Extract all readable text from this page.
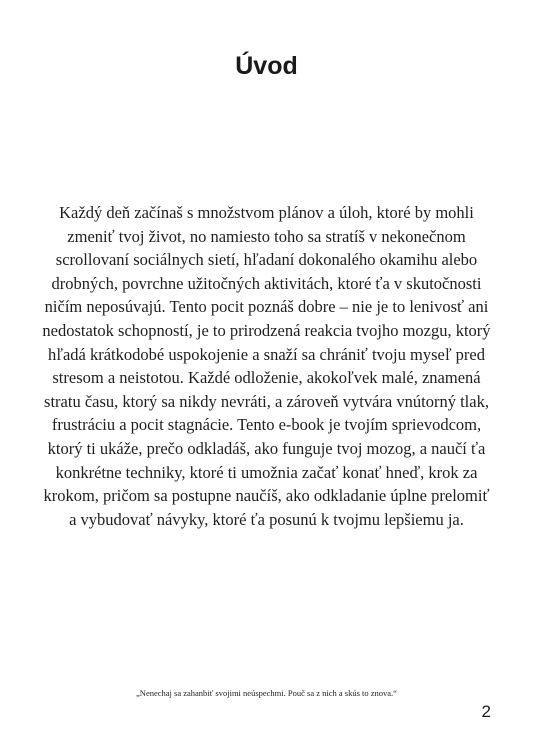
Úvod

Každý deň začínaš s množstvom plánov a úloh, ktoré by mohli zmeniť tvoj život, no namiesto toho sa stratíš v nekonečnom scrollovaní sociálnych sietí, hľadaní dokonalého okamihu alebo drobných, povrchne užitočných aktivitách, ktoré ťa v skutočnosti ničím neposúvajú. Tento pocit poznáš dobre – nie je to lenivosť ani nedostatok schopností, je to prirodzená reakcia tvojho mozgu, ktorý hľadá krátkodobé uspokojenie a snaží sa chrániť tvoju myseľ pred stresom a neistotou. Každé odloženie, akokoľvek malé, znamená stratu času, ktorý sa nikdy nevráti, a zároveň vytvára vnútorný tlak, frustráciu a pocit stagnácie. Tento e-book je tvojím sprievodcom, ktorý ti ukáže, prečo odkladáš, ako funguje tvoj mozog, a naučí ťa konkrétne techniky, ktoré ti umožnia začať konať hneď, krok za krokom, pričom sa postupne naučíš, ako odkladanie úplne prelomiť a vybudovať návyky, ktoré ťa posunú k tvojmu lepšiemu ja.

„Nenechaj sa zahanbiť svojimi neúspechmi. Pouč sa z nich a skús to znova.“

2
